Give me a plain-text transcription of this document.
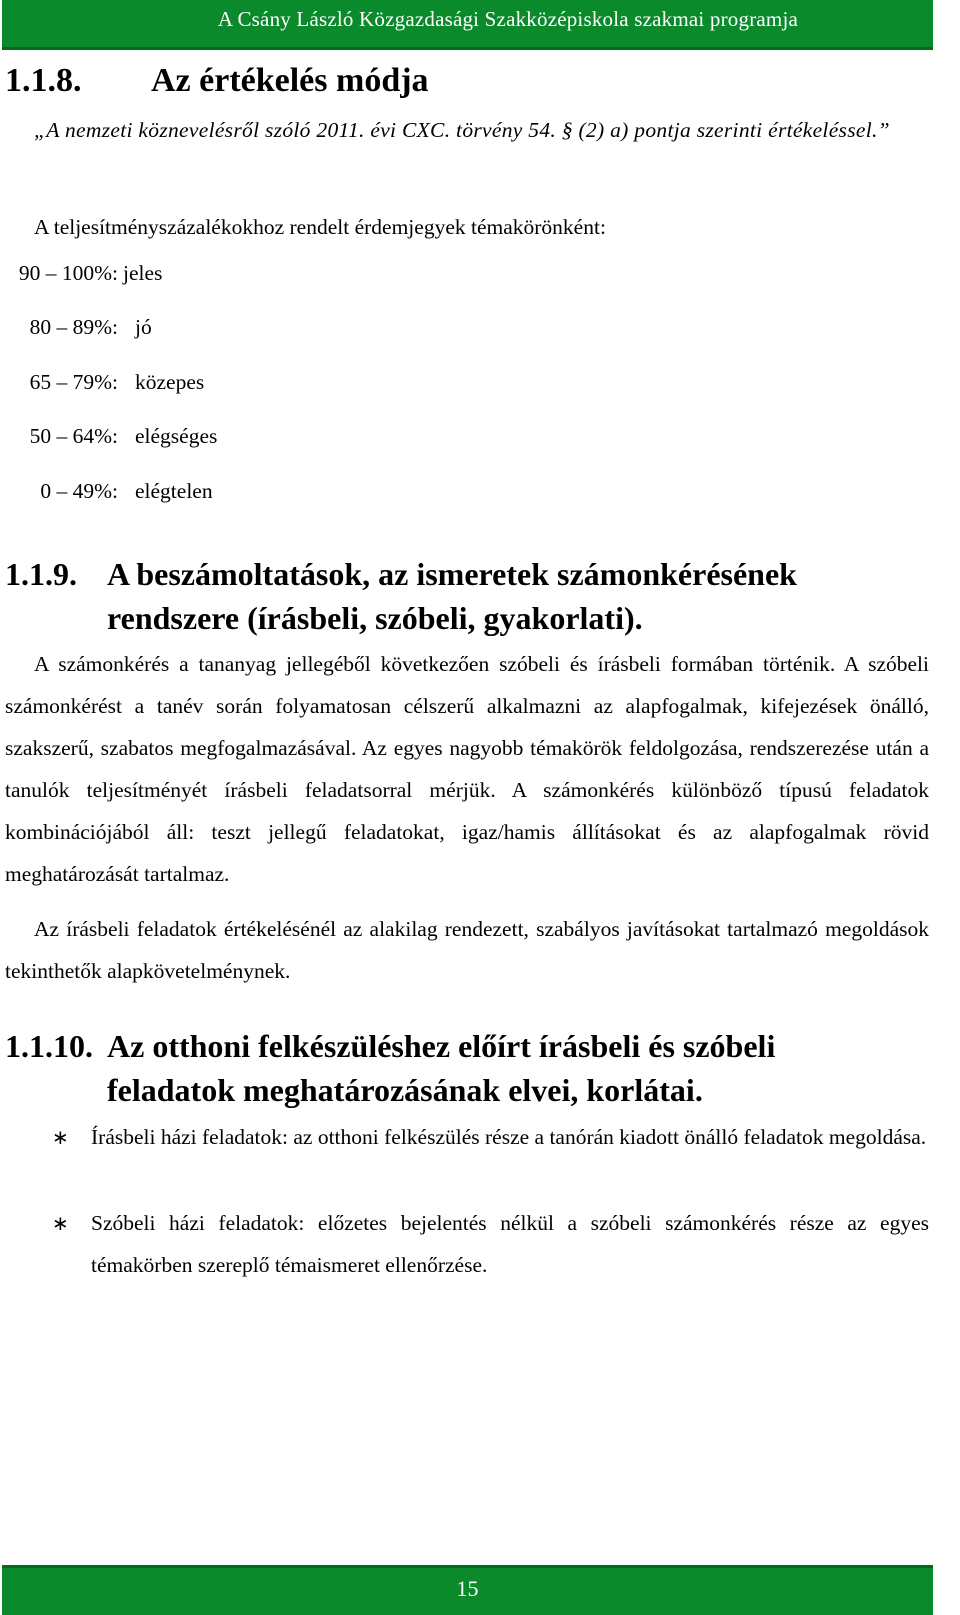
A Csány László Közgazdasági Szakközépiskola szakmai programja
1.1.8. Az értékelés módja
„A nemzeti köznevelésről szóló 2011. évi CXC. törvény 54. § (2) a) pontja szerinti értékeléssel.”
A teljesítményszázalékokhoz rendelt érdemjegyek témakörönként:
90 – 100%: jeles
80 – 89%: jó
65 – 79%: közepes
50 – 64%: elégséges
0 – 49%: elégtelen
1.1.9. A beszámoltatások, az ismeretek számonkérésének
rendszere (írásbeli, szóbeli, gyakorlati).
A számonkérés a tananyag jellegéből következően szóbeli és írásbeli formában történik. A szóbeli számonkérést a tanév során folyamatosan célszerű alkalmazni az alapfogalmak, kifejezések önálló, szakszerű, szabatos megfogalmazásával. Az egyes nagyobb témakörök feldolgozása, rendszerezése után a tanulók teljesítményét írásbeli feladatsorral mérjük. A számonkérés különböző típusú feladatok kombinációjából áll: teszt jellegű feladatokat, igaz/hamis állításokat és az alapfogalmak rövid meghatározását tartalmaz.
Az írásbeli feladatok értékelésénél az alakilag rendezett, szabályos javításokat tartalmazó megoldások tekinthetők alapkövetelménynek.
1.1.10. Az otthoni felkészüléshez előírt írásbeli és szóbeli
feladatok meghatározásának elvei, korlátai.
∗ Írásbeli házi feladatok: az otthoni felkészülés része a tanórán kiadott önálló feladatok megoldása.
∗ Szóbeli házi feladatok: előzetes bejelentés nélkül a szóbeli számonkérés része az egyes témakörben szereplő témaismeret ellenőrzése.
15
